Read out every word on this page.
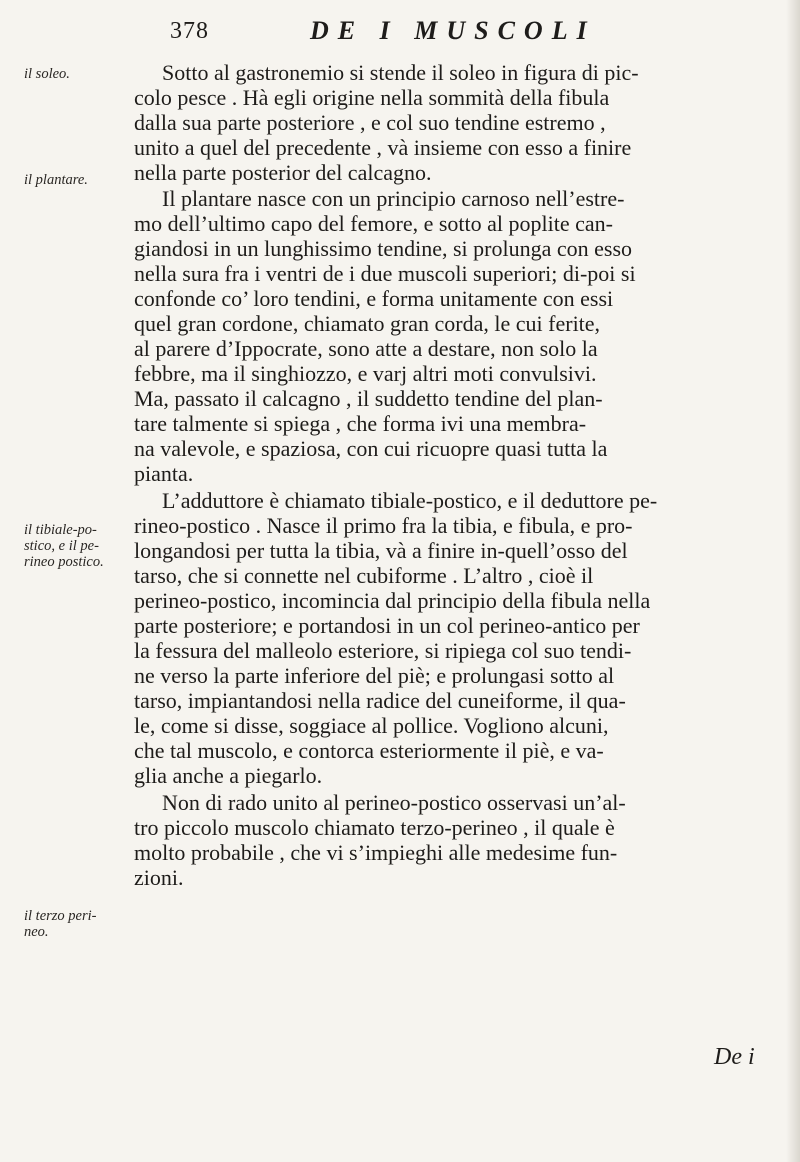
378	DE I MUSCOLI
il soleo.
il plantare.
il tibiale-po-
stico, e il pe-
rineo postico.
il terzo peri-
neo.

Sotto al gastronemio si stende il soleo in figura di pic-
colo pesce . Hà egli origine nella sommità della fibula
dalla sua parte posteriore , e col suo tendine estremo ,
unito a quel del precedente , và insieme con esso a finire
nella parte posterior del calcagno.

Il plantare nasce con un principio carnoso nell’estre-
mo dell’ultimo capo del femore, e sotto al poplite can-
giandosi in un lunghissimo tendine, si prolunga con esso
nella sura fra i ventri de i due muscoli superiori; di-poi si
confonde co’ loro tendini, e forma unitamente con essi
quel gran cordone, chiamato gran corda, le cui ferite,
al parere d’Ippocrate, sono atte a destare, non solo la
febbre, ma il singhiozzo, e varj altri moti convulsivi.
Ma, passato il calcagno , il suddetto tendine del plan-
tare talmente si spiega , che forma ivi una membra-
na valevole, e spaziosa, con cui ricuopre quasi tutta la
pianta.

L’adduttore è chiamato tibiale-postico, e il deduttore pe-
rineo-postico . Nasce il primo fra la tibia, e fibula, e pro-
longandosi per tutta la tibia, và a finire in-quell’osso del
tarso, che si connette nel cubiforme . L’altro , cioè il
perineo-postico, incomincia dal principio della fibula nella
parte posteriore; e portandosi in un col perineo-antico per
la fessura del malleolo esteriore, si ripiega col suo tendi-
ne verso la parte inferiore del piè; e prolungasi sotto al
tarso, impiantandosi nella radice del cuneiforme, il qua-
le, come si disse, soggiace al pollice. Vogliono alcuni,
che tal muscolo, e contorca esteriormente il piè, e va-
glia anche a piegarlo.

Non di rado unito al perineo-postico osservasi un’al-
tro piccolo muscolo chiamato terzo-perineo , il quale è
molto probabile , che vi s’impieghi alle medesime fun-
zioni.

De i
